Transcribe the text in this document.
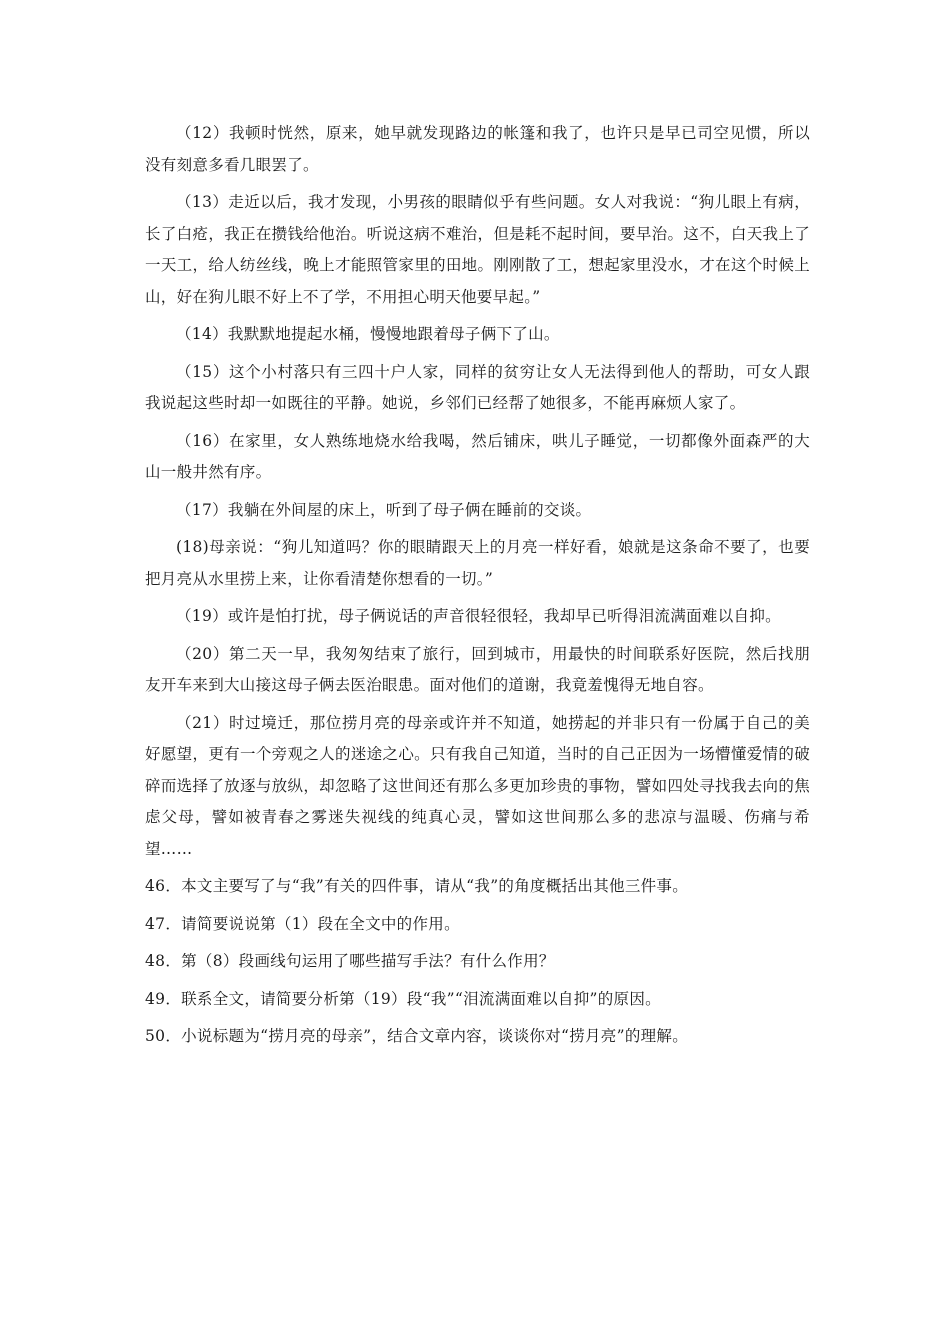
（12）我顿时恍然，原来，她早就发现路边的帐篷和我了，也许只是早已司空见惯，所以没有刻意多看几眼罢了。

（13）走近以后，我才发现，小男孩的眼睛似乎有些问题。女人对我说：“狗儿眼上有病，长了白疮，我正在攒钱给他治。听说这病不难治，但是耗不起时间，要早治。这不，白天我上了一天工，给人纺丝线，晚上才能照管家里的田地。刚刚散了工，想起家里没水，才在这个时候上山，好在狗儿眼不好上不了学，不用担心明天他要早起。”

（14）我默默地提起水桶，慢慢地跟着母子俩下了山。

（15）这个小村落只有三四十户人家，同样的贫穷让女人无法得到他人的帮助，可女人跟我说起这些时却一如既往的平静。她说，乡邻们已经帮了她很多，不能再麻烦人家了。

（16）在家里，女人熟练地烧水给我喝，然后铺床，哄儿子睡觉，一切都像外面森严的大山一般井然有序。

（17）我躺在外间屋的床上，听到了母子俩在睡前的交谈。

(18)母亲说：“狗儿知道吗？你的眼睛跟天上的月亮一样好看，娘就是这条命不要了，也要把月亮从水里捞上来，让你看清楚你想看的一切。”

（19）或许是怕打扰，母子俩说话的声音很轻很轻，我却早已听得泪流满面难以自抑。

（20）第二天一早，我匆匆结束了旅行，回到城市，用最快的时间联系好医院，然后找朋友开车来到大山接这母子俩去医治眼患。面对他们的道谢，我竟羞愧得无地自容。

（21）时过境迁，那位捞月亮的母亲或许并不知道，她捞起的并非只有一份属于自己的美好愿望，更有一个旁观之人的迷途之心。只有我自己知道，当时的自己正因为一场懵懂爱情的破碎而选择了放逐与放纵，却忽略了这世间还有那么多更加珍贵的事物，譬如四处寻找我去向的焦虑父母，譬如被青春之雾迷失视线的纯真心灵，譬如这世间那么多的悲凉与温暖、伤痛与希望……

46．本文主要写了与“我”有关的四件事，请从“我”的角度概括出其他三件事。

47．请简要说说第（1）段在全文中的作用。

48．第（8）段画线句运用了哪些描写手法？有什么作用？

49．联系全文，请简要分析第（19）段“我”“泪流满面难以自抑”的原因。

50．小说标题为“捞月亮的母亲”，结合文章内容，谈谈你对“捞月亮”的理解。
